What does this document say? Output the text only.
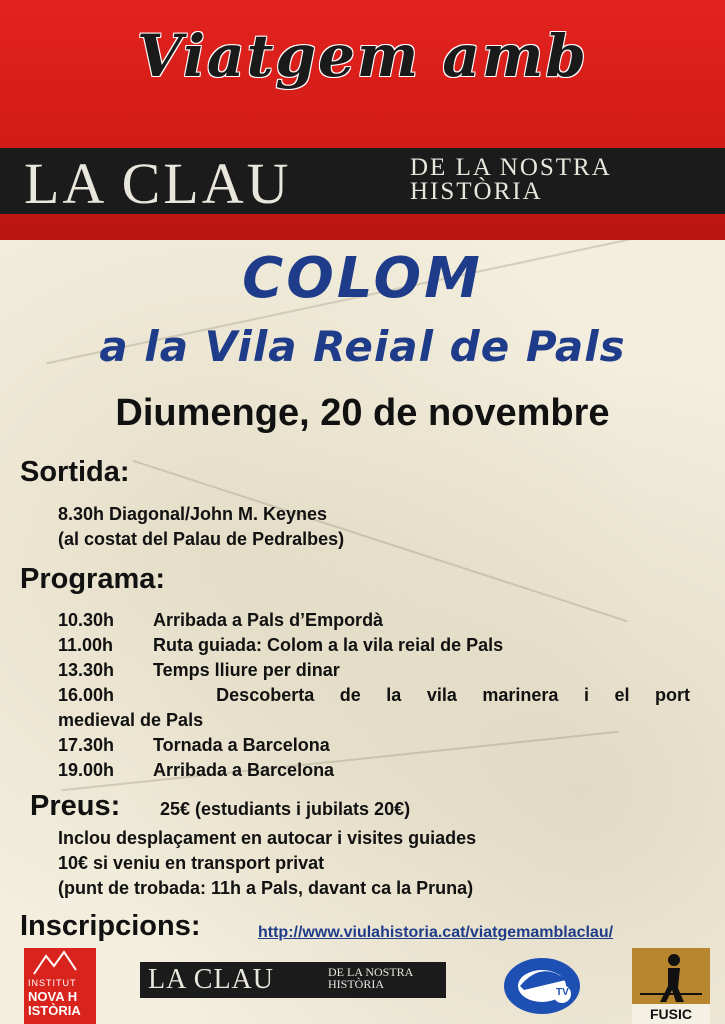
Viatgem amb
LA CLAU	DE LA NOSTRA
HISTÒRIA
COLOM
a la Vila Reial de Pals
Diumenge, 20 de novembre
Sortida:
8.30h Diagonal/John M. Keynes
(al costat del Palau de Pedralbes)
Programa:
10.30h Arribada a Pals d’Empordà
11.00h Ruta guiada: Colom a la vila reial de Pals
13.30h Temps lliure per dinar
16.00h	Descoberta de la vila marinera i el port
medieval de Pals
17.30h Tornada a Barcelona
19.00h Arribada a Barcelona
Preus: 25€ (estudiants i jubilats 20€)
Inclou desplaçament en autocar i visites guiades
10€ si veniu en transport privat
(punt de trobada: 11h a Pals, davant ca la Pruna)
Inscripcions:	http://www.viulahistoria.cat/viatgemamblaclau/
INSTITUT
NOVA H
ISTÒRIA
LA CLAU	DE LA NOSTRA
HISTÒRIA
TV
FUSIC
